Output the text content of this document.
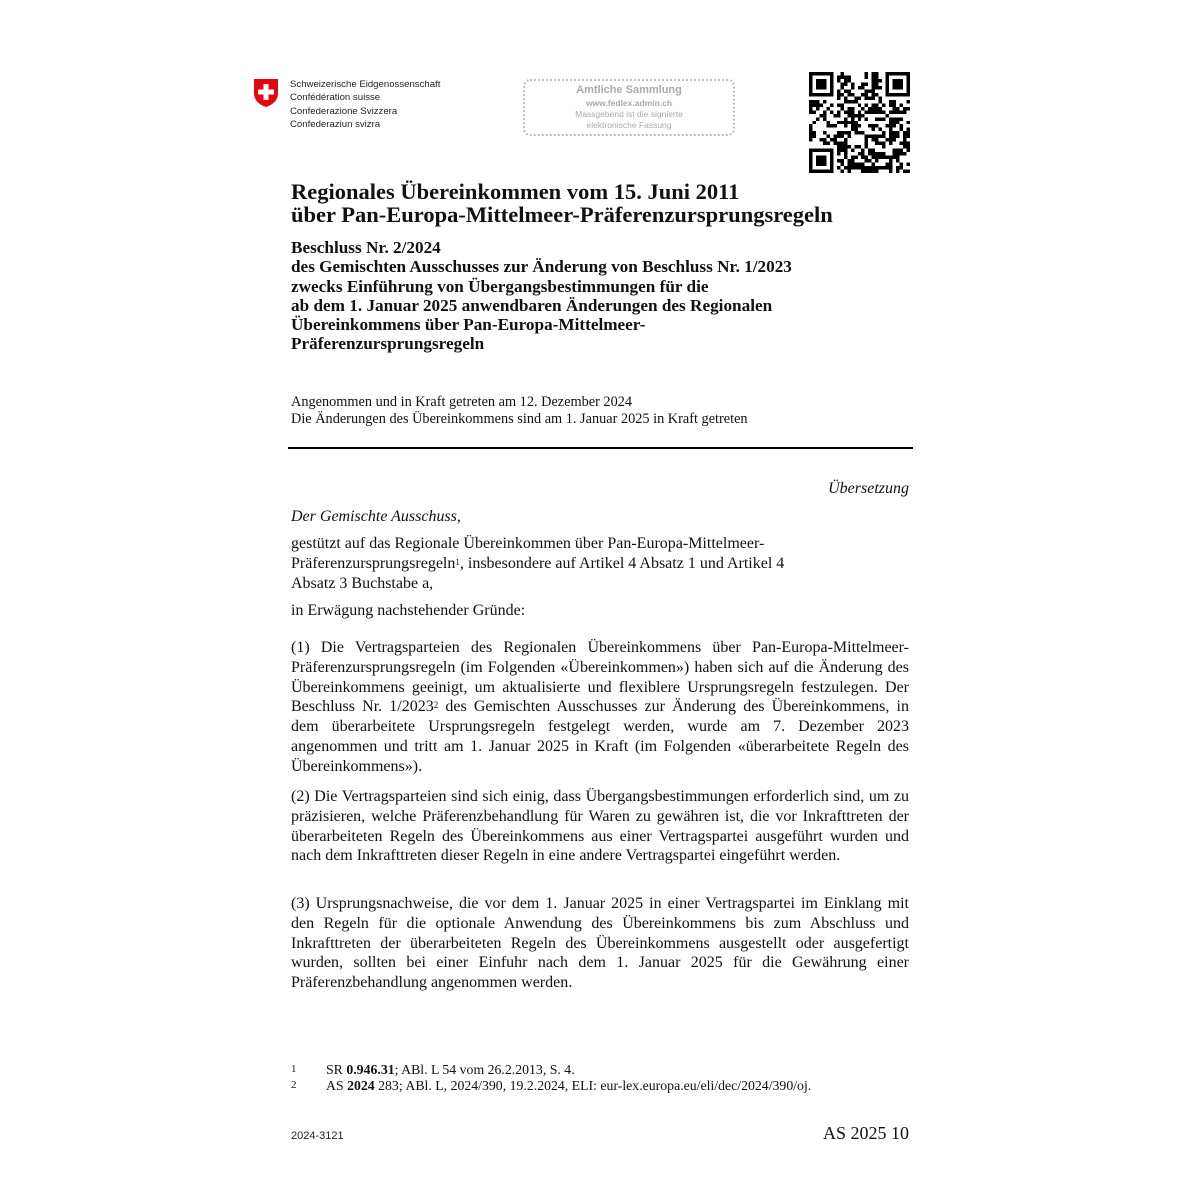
Schweizerische Eidgenossenschaft
Confédération suisse
Confederazione Svizzera
Confederaziun svizra
Amtliche Sammlung
www.fedlex.admin.ch
Massgebend ist die signierte
elektronische Fassung
Regionales Übereinkommen vom 15. Juni 2011
über Pan-Europa-Mittelmeer-Präferenzursprungsregeln
Beschluss Nr. 2/2024
des Gemischten Ausschusses zur Änderung von Beschluss Nr. 1/2023
zwecks Einführung von Übergangsbestimmungen für die
ab dem 1. Januar 2025 anwendbaren Änderungen des Regionalen
Übereinkommens über Pan-Europa-Mittelmeer-
Präferenzursprungsregeln
Angenommen und in Kraft getreten am 12. Dezember 2024
Die Änderungen des Übereinkommens sind am 1. Januar 2025 in Kraft getreten
Übersetzung
Der Gemischte Ausschuss,
gestützt auf das Regionale Übereinkommen über Pan-Europa-Mittelmeer-
Präferenzursprungsregeln$^1$, insbesondere auf Artikel 4 Absatz 1 und Artikel 4
Absatz 3 Buchstabe a,
in Erwägung nachstehender Gründe:
(1) Die Vertragsparteien des Regionalen Übereinkommens über Pan-Europa-Mittelmeer-Präferenzursprungsregeln (im Folgenden «Übereinkommen») haben sich auf die Änderung des Übereinkommens geeinigt, um aktualisierte und flexiblere Ursprungsregeln festzulegen. Der Beschluss Nr. 1/2023$^2$ des Gemischten Ausschusses zur Änderung des Übereinkommens, in dem überarbeitete Ursprungsregeln festgelegt werden, wurde am 7. Dezember 2023 angenommen und tritt am 1. Januar 2025 in Kraft (im Folgenden «überarbeitete Regeln des Übereinkommens»).
(2) Die Vertragsparteien sind sich einig, dass Übergangsbestimmungen erforderlich sind, um zu präzisieren, welche Präferenzbehandlung für Waren zu gewähren ist, die vor Inkrafttreten der überarbeiteten Regeln des Übereinkommens aus einer Vertragspartei ausgeführt wurden und nach dem Inkrafttreten dieser Regeln in eine andere Vertragspartei eingeführt werden.
(3) Ursprungsnachweise, die vor dem 1. Januar 2025 in einer Vertragspartei im Einklang mit den Regeln für die optionale Anwendung des Übereinkommens bis zum Abschluss und Inkrafttreten der überarbeiteten Regeln des Übereinkommens ausgestellt oder ausgefertigt wurden, sollten bei einer Einfuhr nach dem 1. Januar 2025 für die Gewährung einer Präferenzbehandlung angenommen werden.
1 SR 0.946.31; ABl. L 54 vom 26.2.2013, S. 4.
2 AS 2024 283; ABl. L, 2024/390, 19.2.2024, ELI: eur-lex.europa.eu/eli/dec/2024/390/oj.
2024-3121	AS 2025 10
